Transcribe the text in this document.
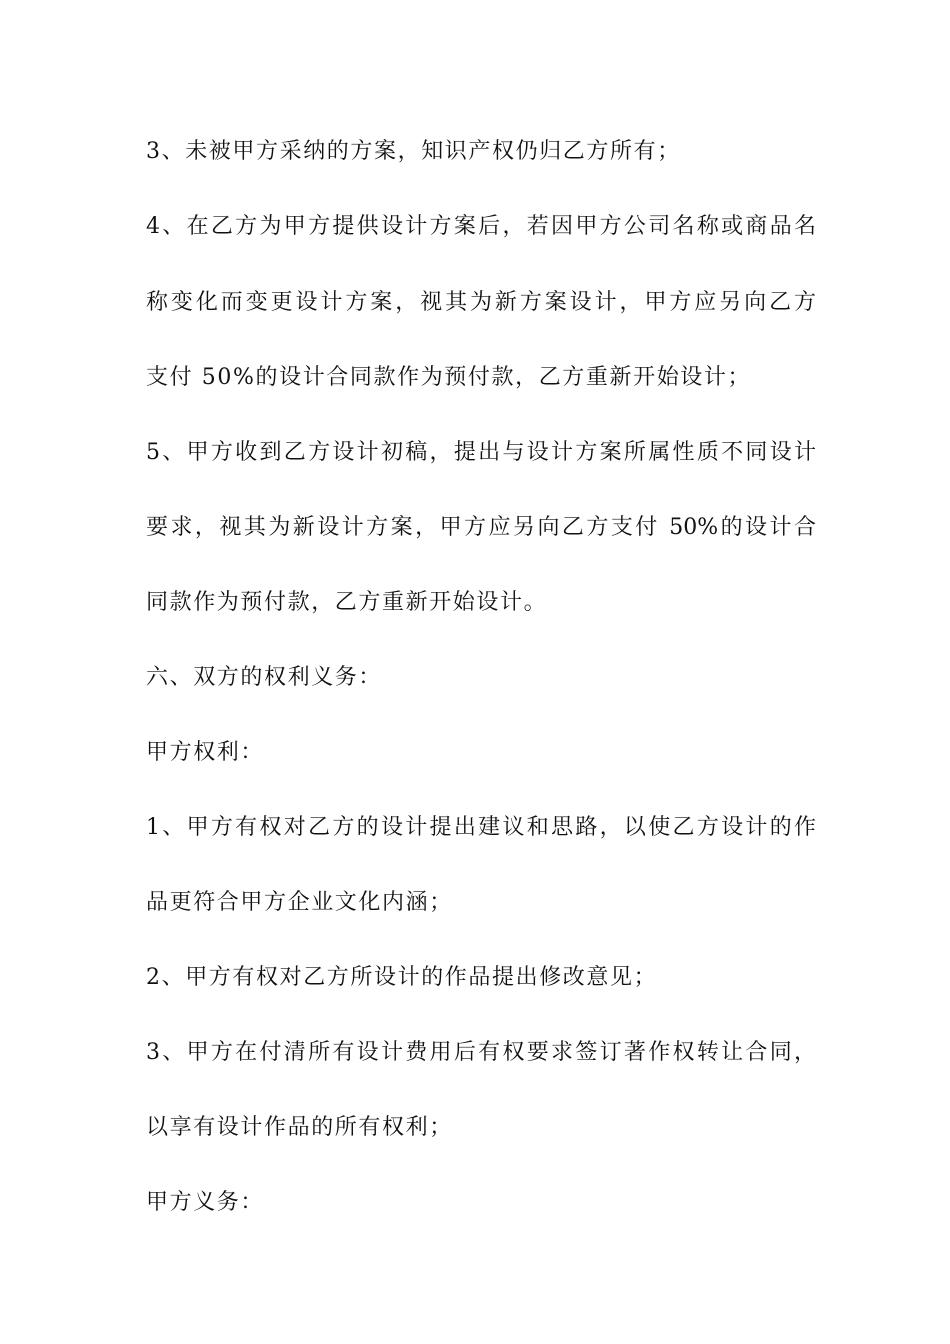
3、未被甲方采纳的方案，知识产权仍归乙方所有；
4、在乙方为甲方提供设计方案后，若因甲方公司名称或商品名
称变化而变更设计方案，视其为新方案设计，甲方应另向乙方
支付 50%的设计合同款作为预付款，乙方重新开始设计；
5、甲方收到乙方设计初稿，提出与设计方案所属性质不同设计
要求，视其为新设计方案，甲方应另向乙方支付 50%的设计合
同款作为预付款，乙方重新开始设计。
六、双方的权利义务：
甲方权利：
1、甲方有权对乙方的设计提出建议和思路，以使乙方设计的作
品更符合甲方企业文化内涵；
2、甲方有权对乙方所设计的作品提出修改意见；
3、甲方在付清所有设计费用后有权要求签订著作权转让合同，
以享有设计作品的所有权利；
甲方义务：
